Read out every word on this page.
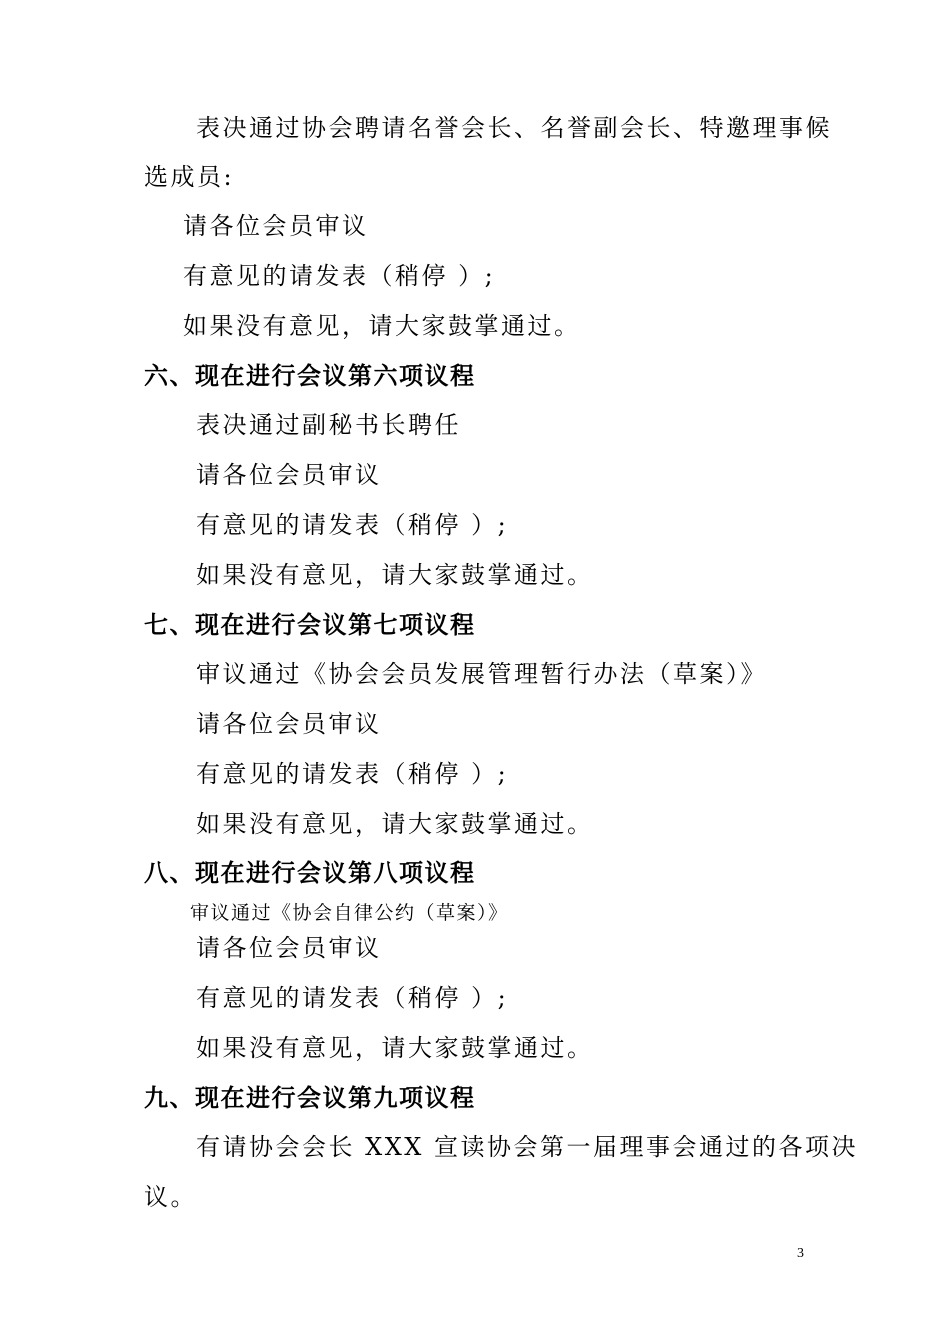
表决通过协会聘请名誉会长、名誉副会长、特邀理事候
选成员:
请各位会员审议
有意见的请发表（稍停 ）;
如果没有意见，请大家鼓掌通过。
六、现在进行会议第六项议程
表决通过副秘书长聘任
请各位会员审议
有意见的请发表（稍停 ）;
如果没有意见，请大家鼓掌通过。
七、现在进行会议第七项议程
审议通过《协会会员发展管理暂行办法（草案）》
请各位会员审议
有意见的请发表（稍停 ）;
如果没有意见，请大家鼓掌通过。
八、现在进行会议第八项议程
审议通过《协会自律公约（草案）》
请各位会员审议
有意见的请发表（稍停 ）;
如果没有意见，请大家鼓掌通过。
九、现在进行会议第九项议程
有请协会会长 XXX 宣读协会第一届理事会通过的各项决
议。
3
